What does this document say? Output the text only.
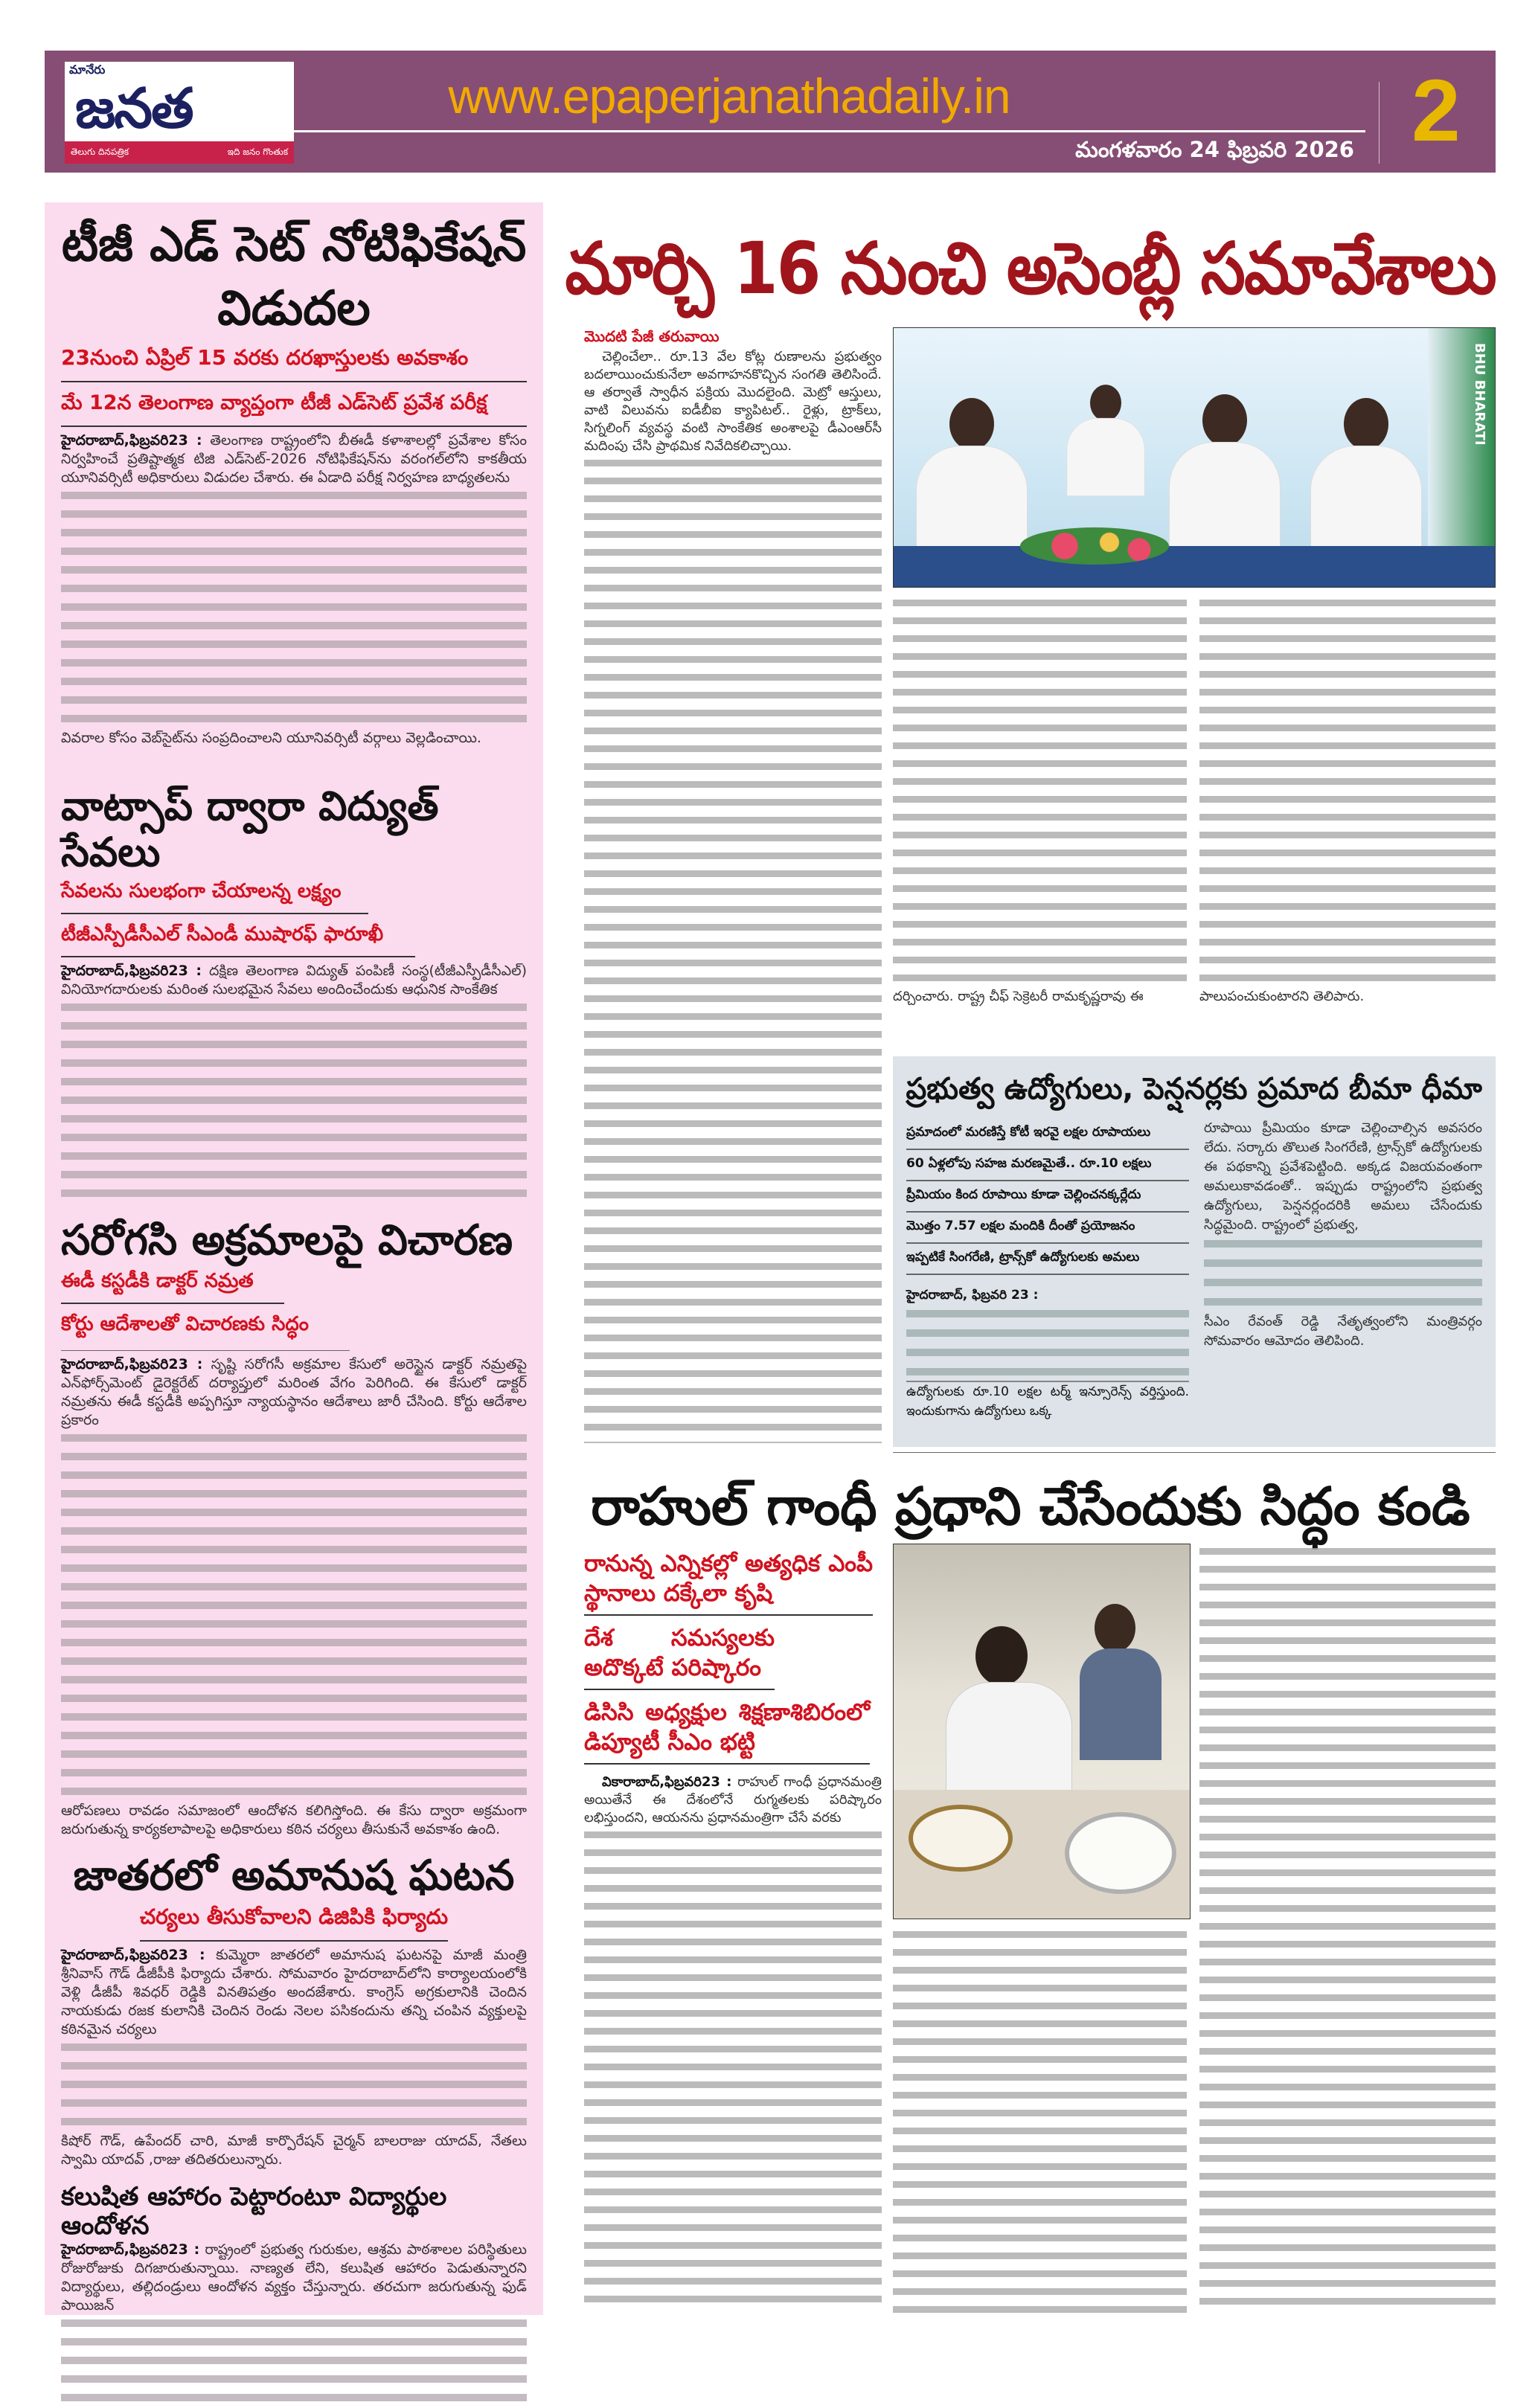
మానేరు
జనత
తెలుగు దినపత్రిక	ఇది జనం గొంతుక
www.epaperjanathadaily.in
మంగళవారం 24 ఫిబ్రవరి 2026 2
టీజీ ఎడ్ సెట్ నోటిఫికేషన్ విడుదల
23నుంచి ఏప్రిల్ 15 వరకు దరఖాస్తులకు అవకాశం మే 12న తెలంగాణ వ్యాప్తంగా టీజీ ఎడ్‌సెట్ ప్రవేశ పరీక్ష

హైదరాబాద్,ఫిబ్రవరి23 : తెలంగాణ రాష్ట్రంలోని బీఈడీ కళాశాలల్లో ప్రవేశాల కోసం నిర్వహించే ప్రతిష్టాత్మక టిజి ఎడ్‌సెట్-2026 నోటిఫికేషన్‌ను వరంగల్‌లోని కాకతీయ యూనివర్సిటీ అధికారులు విడుదల చేశారు. ఈ ఏడాది పరీక్ష నిర్వహణ బాధ్యతలను

వివరాల కోసం వెబ్‌సైట్‌ను సంప్రదించాలని యూనివర్సిటీ వర్గాలు వెల్లడించాయి.

వాట్సాప్ ద్వారా విద్యుత్ సేవలు
సేవలను సులభంగా చేయాలన్న లక్ష్యం
టీజీఎస్పీడీసీఎల్ సీఎండీ ముషారఫ్ ఫారూఖీ

హైదరాబాద్,ఫిబ్రవరి23 : దక్షిణ తెలంగాణ విద్యుత్ పంపిణీ సంస్థ(టీజీఎస్పీడీసీఎల్) వినియోగదారులకు మరింత సులభమైన సేవలు అందించేందుకు ఆధునిక సాంకేతిక

సరోగసి అక్రమాలపై విచారణ
ఈడీ కస్టడీకి డాక్టర్ నమ్రత
కోర్టు ఆదేశాలతో విచారణకు సిద్ధం

హైదరాబాద్,ఫిబ్రవరి23 : సృష్టి సరోగసీ అక్రమాల కేసులో అరెస్టైన డాక్టర్ నమ్రతపై ఎన్‌ఫోర్స్‌మెంట్ డైరెక్టరేట్ దర్యాప్తులో మరింత వేగం పెరిగింది. ఈ కేసులో డాక్టర్ నమ్రతను ఈడీ కస్టడీకి అప్పగిస్తూ న్యాయస్థానం ఆదేశాలు జారీ చేసింది. కోర్టు ఆదేశాల ప్రకారం

ఆరోపణలు రావడం సమాజంలో ఆందోళన కలిగిస్తోంది. ఈ కేసు ద్వారా అక్రమంగా జరుగుతున్న కార్యకలాపాలపై అధికారులు కఠిన చర్యలు తీసుకునే అవకాశం ఉంది.

జాతరలో అమానుష ఘటన
చర్యలు తీసుకోవాలని డిజిపికి ఫిర్యాదు

హైదరాబాద్,ఫిబ్రవరి23 : కుమ్మెరా జాతరలో అమానుష ఘటనపై మాజీ మంత్రి శ్రీనివాస్ గౌడ్ డీజీపీకి ఫిర్యాదు చేశారు. సోమవారం హైదరాబాద్‌లోని కార్యాలయంలోకి వెళ్లి డీజీపీ శివధర్ రెడ్డికి వినతిపత్రం అందజేశారు. కాంగ్రెస్ అగ్రకులానికి చెందిన నాయకుడు రజక కులానికి చెందిన రెండు నెలల పసికందును తన్ని చంపిన వ్యక్తులపై కఠినమైన చర్యలు

కిషోర్ గౌడ్, ఉపేందర్ చారి, మాజీ కార్పొరేషన్ చైర్మన్ బాలరాజు యాదవ్, నేతలు స్వామి యాదవ్ ,రాజు తదితరులున్నారు.

కలుషిత ఆహారం పెట్టారంటూ విద్యార్థుల ఆందోళన

హైదరాబాద్,ఫిబ్రవరి23 : రాష్ట్రంలో ప్రభుత్వ గురుకుల, ఆశ్రమ పాఠశాలల పరిస్థితులు రోజురోజుకు దిగజారుతున్నాయి. నాణ్యత లేని, కలుషిత ఆహారం పెడుతున్నారని విద్యార్థులు, తల్లిదండ్రులు ఆందోళన వ్యక్తం చేస్తున్నారు. తరచుగా జరుగుతున్న ఫుడ్ పాయిజన్

మార్చి 16 నుంచి అసెంబ్లీ సమావేశాలు
మొదటి పేజీ తరువాయి

చెల్లించేలా.. రూ.13 వేల కోట్ల రుణాలను ప్రభుత్వం బదలాయించుకునేలా అవగాహనకొచ్చిన సంగతి తెలిసిందే. ఆ తర్వాతే స్వాధీన పక్రియ మొదలైంది. మెట్రో ఆస్తులు, వాటి విలువను ఐడీబీఐ క్యాపిటల్.. రైళ్లు, ట్రాక్‌లు, సిగ్నలింగ్ వ్యవస్థ వంటి సాంకేతిక అంశాలపై డీఎంఆర్‌సీ మదింపు చేసి ప్రాథమిక నివేదికలిచ్చాయి.

BHU BHARATI

దర్చించారు. రాష్ట్ర చీఫ్ సెక్రెటరీ రామకృష్ణరావు ఈ	పాలుపంచుకుంటారని తెలిపారు.

ప్రభుత్వ ఉద్యోగులు, పెన్షనర్లకు ప్రమాద బీమా ధీమా
ప్రమాదంలో మరణిస్తే కోటీ ఇరవై లక్షల రూపాయలు
60 ఏళ్లలోపు సహజ మరణమైతే.. రూ.10 లక్షలు
ప్రీమియం కింద రూపాయి కూడా చెల్లించనక్కర్లేదు
మొత్తం 7.57 లక్షల మందికి దీంతో ప్రయోజనం
ఇప్పటికే సింగరేణి, ట్రాన్స్‌కో ఉద్యోగులకు అమలు
హైదరాబాద్, ఫిబ్రవరి 23 :

ఉద్యోగులకు రూ.10 లక్షల టర్మ్ ఇన్సూరెన్స్ వర్తిస్తుంది. ఇందుకుగాను ఉద్యోగులు ఒక్క

రూపాయి ప్రీమియం కూడా చెల్లించాల్సిన అవసరం లేదు. సర్కారు తొలుత సింగరేణి, ట్రాన్స్‌కో ఉద్యోగులకు ఈ పథకాన్ని ప్రవేశపెట్టింది. అక్కడ విజయవంతంగా అమలుకావడంతో.. ఇప్పుడు రాష్ట్రంలోని ప్రభుత్వ ఉద్యోగులు, పెన్షనర్లందరికి అమలు చేసేందుకు సిద్ధమైంది. రాష్ట్రంలో ప్రభుత్వ,

సీఎం రేవంత్ రెడ్డి నేతృత్వంలోని మంత్రివర్గం సోమవారం ఆమోదం తెలిపింది.

రాహుల్ గాంధీ ప్రధాని చేసేందుకు సిద్ధం కండి
రానున్న ఎన్నికల్లో అత్యధిక ఎంపీ స్థానాలు దక్కేలా కృషి దేశ సమస్యలకు అదొక్కటే పరిష్కారం డిసిసి అధ్యక్షుల శిక్షణాశిబిరంలో డిప్యూటీ సీఎం భట్టి

వికారాబాద్,ఫిబ్రవరి23 : రాహుల్ గాంధీ ప్రధానమంత్రి అయితేనే ఈ దేశంలోనే రుగ్మతలకు పరిష్కారం లభిస్తుందని, ఆయనను ప్రధానమంత్రిగా చేసే వరకు
